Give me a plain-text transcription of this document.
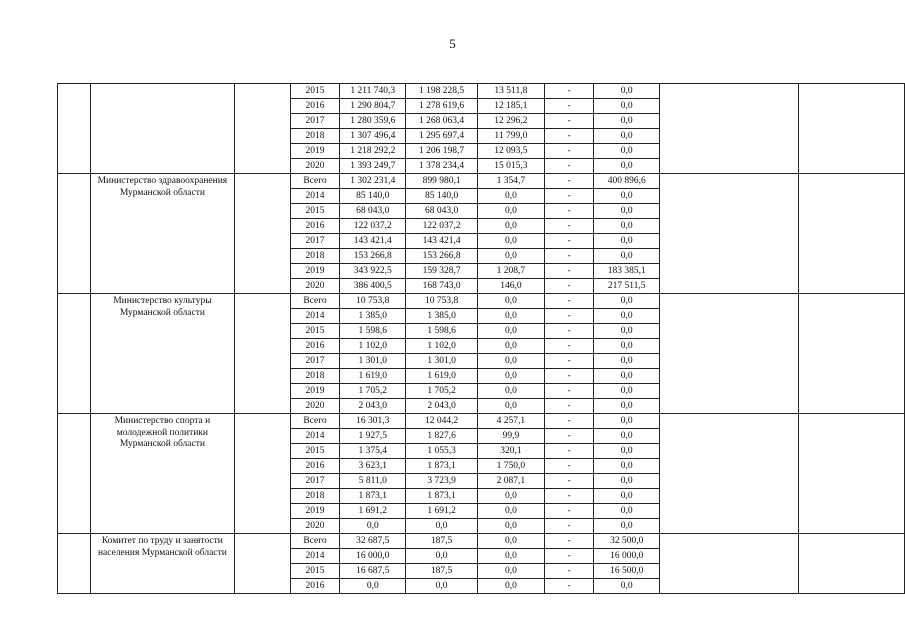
5
			2015	1 211 740,3	1 198 228,5	13 511,8	-	0,0		
			2016	1 290 804,7	1 278 619,6	12 185,1	-	0,0		
			2017	1 280 359,6	1 268 063,4	12 296,2	-	0,0		
			2018	1 307 496,4	1 295 697,4	11 799,0	-	0,0		
			2019	1 218 292,2	1 206 198,7	12 093,5	-	0,0		
			2020	1 393 249,7	1 378 234,4	15 015,3	-	0,0		
	Министерство здравоохранения Мурманской области		Всего	1 302 231,4	899 980,1	1 354,7	-	400 896,6		
			2014	85 140,0	85 140,0	0,0	-	0,0		
			2015	68 043,0	68 043,0	0,0	-	0,0		
			2016	122 037,2	122 037,2	0,0	-	0,0		
			2017	143 421,4	143 421,4	0,0	-	0,0		
			2018	153 266,8	153 266,8	0,0	-	0,0		
			2019	343 922,5	159 328,7	1 208,7	-	183 385,1		
			2020	386 400,5	168 743,0	146,0	-	217 511,5		
	Министерство культуры Мурманской области		Всего	10 753,8	10 753,8	0,0	-	0,0		
			2014	1 385,0	1 385,0	0,0	-	0,0		
			2015	1 598,6	1 598,6	0,0	-	0,0		
			2016	1 102,0	1 102,0	0,0	-	0,0		
			2017	1 301,0	1 301,0	0,0	-	0,0		
			2018	1 619,0	1 619,0	0,0	-	0,0		
			2019	1 705,2	1 705,2	0,0	-	0,0		
			2020	2 043,0	2 043,0	0,0	-	0,0		
	Министерство спорта и молодежной политики Мурманской области		Всего	16 301,3	12 044,2	4 257,1	-	0,0		
			2014	1 927,5	1 827,6	99,9	-	0,0		
			2015	1 375,4	1 055,3	320,1	-	0,0		
			2016	3 623,1	1 873,1	1 750,0	-	0,0		
			2017	5 811,0	3 723,9	2 087,1	-	0,0		
			2018	1 873,1	1 873,1	0,0	-	0,0		
			2019	1 691,2	1 691,2	0,0	-	0,0		
			2020	0,0	0,0	0,0	-	0,0		
	Комитет по труду и занятости населения Мурманской области		Всего	32 687,5	187,5	0,0	-	32 500,0		
			2014	16 000,0	0,0	0,0	-	16 000,0		
			2015	16 687,5	187,5	0,0	-	16 500,0		
			2016	0,0	0,0	0,0	-	0,0		
